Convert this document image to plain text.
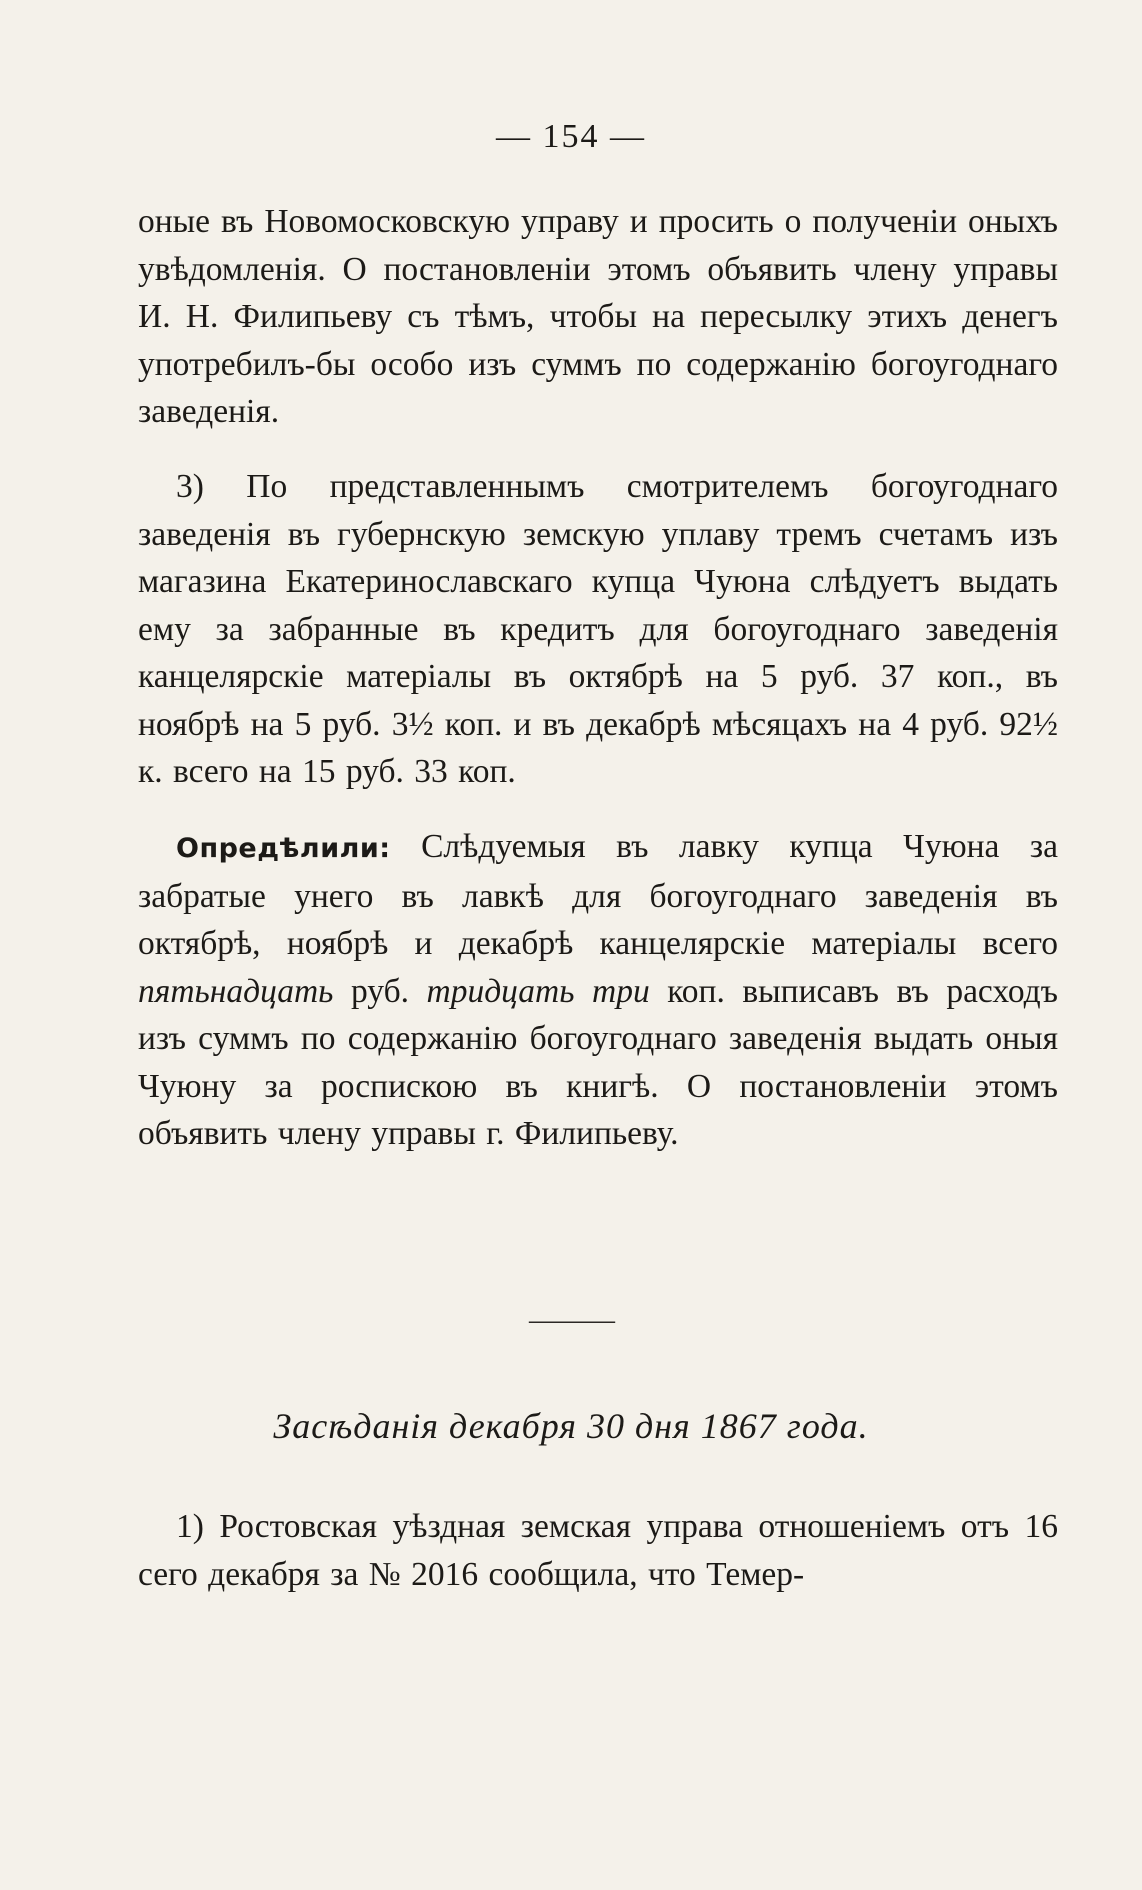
— 154 —

оные въ Новомосковскую управу и просить о полученіи оныхъ увѣдомленія. О постановленіи этомъ объявить члену управы И. Н. Филипьеву съ тѣмъ, чтобы на пересылку этихъ денегъ употребилъ-бы особо изъ суммъ по содержанію богоугоднаго заведенія.

3) По представленнымъ смотрителемъ богоугоднаго заведенія въ губернскую земскую уплаву тремъ счетамъ изъ магазина Екатеринославскаго купца Чуюна слѣдуетъ выдать ему за забранные въ кредитъ для богоугоднаго заведенія канцелярскіе матеріалы въ октябрѣ на 5 руб. 37 коп., въ ноябрѣ на 5 руб. 3½ коп. и въ декабрѣ мѣсяцахъ на 4 руб. 92½ к. всего на 15 руб. 33 коп.

Опредѣлили: Слѣдуемыя въ лавку купца Чуюна за забратые унего въ лавкѣ для богоугоднаго заведенія въ октябрѣ, ноябрѣ и декабрѣ канцелярскіе матеріалы всего пятьнадцать руб. тридцать три коп. выписавъ въ расходъ изъ суммъ по содержанію богоугоднаго заведенія выдать оныя Чуюну за роспискою въ книгѣ. О постановленіи этомъ объявить члену управы г. Филипьеву.

———
Засѣданія декабря 30 дня 1867 года.

1) Ростовская уѣздная земская управа отношеніемъ отъ 16 сего декабря за № 2016 сообщила, что Темер-
